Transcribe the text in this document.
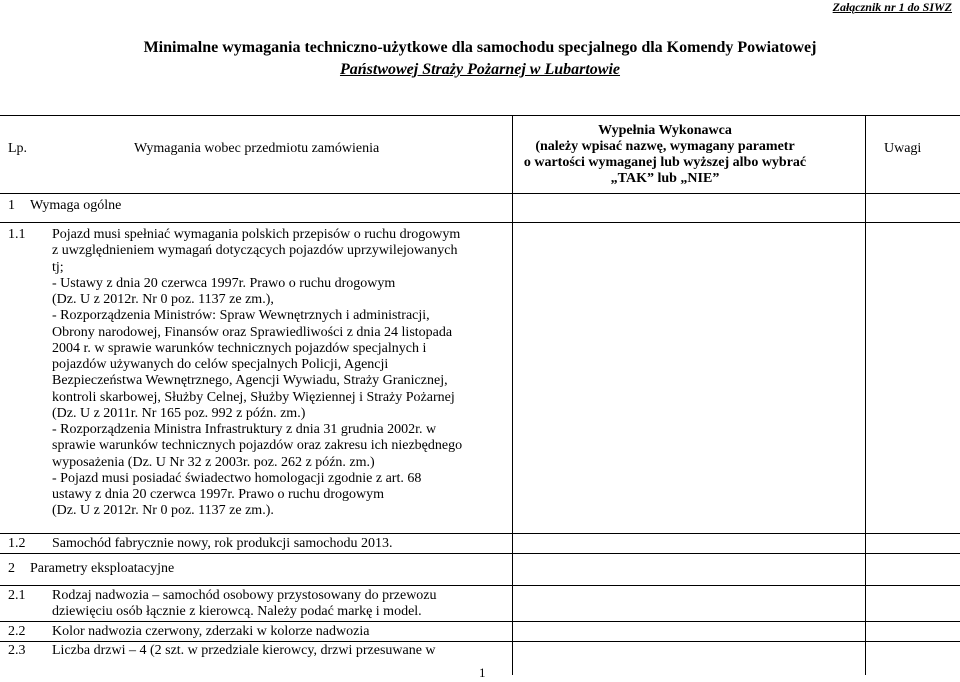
Załącznik nr 1 do SIWZ
Minimalne wymagania techniczno-użytkowe dla samochodu specjalnego dla Komendy Powiatowej
Państwowej Straży Pożarnej w Lubartowie
Lp.	Wymagania wobec przedmiotu zamówienia
Wypełnia Wykonawca
(należy wpisać nazwę, wymagany parametr
o wartości wymaganej lub wyższej albo wybrać
„TAK” lub „NIE”
Uwagi
1 Wymaga ogólne
1.1 Pojazd musi spełniać wymagania polskich przepisów o ruchu drogowym
z uwzględnieniem wymagań dotyczących pojazdów uprzywilejowanych
tj;
- Ustawy z dnia 20 czerwca 1997r. Prawo o ruchu drogowym
(Dz. U z 2012r. Nr 0 poz. 1137 ze zm.),
- Rozporządzenia Ministrów: Spraw Wewnętrznych i administracji,
Obrony narodowej, Finansów oraz Sprawiedliwości z dnia 24 listopada
2004 r. w sprawie warunków technicznych pojazdów specjalnych i
pojazdów używanych do celów specjalnych Policji, Agencji
Bezpieczeństwa Wewnętrznego, Agencji Wywiadu, Straży Granicznej,
kontroli skarbowej, Służby Celnej, Służby Więziennej i Straży Pożarnej
(Dz. U z 2011r. Nr 165 poz. 992 z późn. zm.)
- Rozporządzenia Ministra Infrastruktury z dnia 31 grudnia 2002r. w
sprawie warunków technicznych pojazdów oraz zakresu ich niezbędnego
wyposażenia (Dz. U Nr 32 z 2003r. poz. 262 z późn. zm.)
- Pojazd musi posiadać świadectwo homologacji zgodnie z art. 68
ustawy z dnia 20 czerwca 1997r. Prawo o ruchu drogowym
(Dz. U z 2012r. Nr 0 poz. 1137 ze zm.).
1.2 Samochód fabrycznie nowy, rok produkcji samochodu 2013.
2 Parametry eksploatacyjne
2.1 Rodzaj nadwozia – samochód osobowy przystosowany do przewozu
dziewięciu osób łącznie z kierowcą. Należy podać markę i model.
2.2 Kolor nadwozia czerwony, zderzaki w kolorze nadwozia
2.3 Liczba drzwi – 4 (2 szt. w przedziale kierowcy, drzwi przesuwane w
1
